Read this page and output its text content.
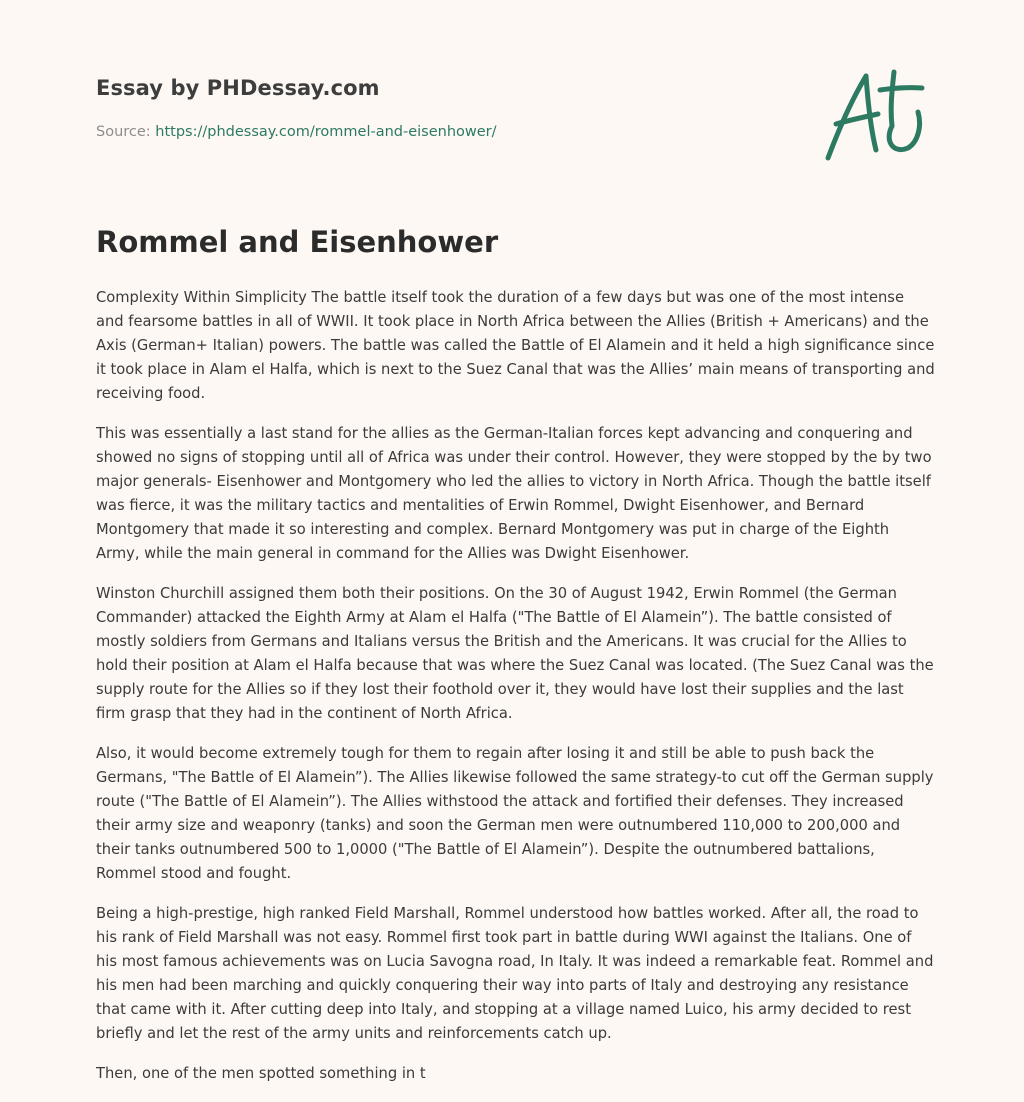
Essay by PHDessay.com
Source: https://phdessay.com/rommel-and-eisenhower/
Rommel and Eisenhower

Complexity Within Simplicity The battle itself took the duration of a few days but was one of the most intense and fearsome battles in all of WWII. It took place in North Africa between the Allies (British + Americans) and the Axis (German+ Italian) powers. The battle was called the Battle of El Alamein and it held a high significance since it took place in Alam el Halfa, which is next to the Suez Canal that was the Allies’ main means of transporting and receiving food.

This was essentially a last stand for the allies as the German-Italian forces kept advancing and conquering and showed no signs of stopping until all of Africa was under their control. However, they were stopped by the by two major generals- Eisenhower and Montgomery who led the allies to victory in North Africa. Though the battle itself was fierce, it was the military tactics and mentalities of Erwin Rommel, Dwight Eisenhower, and Bernard Montgomery that made it so interesting and complex. Bernard Montgomery was put in charge of the Eighth Army, while the main general in command for the Allies was Dwight Eisenhower.

Winston Churchill assigned them both their positions. On the 30 of August 1942, Erwin Rommel (the German Commander) attacked the Eighth Army at Alam el Halfa ("The Battle of El Alamein”). The battle consisted of mostly soldiers from Germans and Italians versus the British and the Americans. It was crucial for the Allies to hold their position at Alam el Halfa because that was where the Suez Canal was located. (The Suez Canal was the supply route for the Allies so if they lost their foothold over it, they would have lost their supplies and the last firm grasp that they had in the continent of North Africa.

Also, it would become extremely tough for them to regain after losing it and still be able to push back the Germans, "The Battle of El Alamein”). The Allies likewise followed the same strategy-to cut off the German supply route ("The Battle of El Alamein”). The Allies withstood the attack and fortified their defenses. They increased their army size and weaponry (tanks) and soon the German men were outnumbered 110,000 to 200,000 and their tanks outnumbered 500 to 1,0000 ("The Battle of El Alamein”). Despite the outnumbered battalions, Rommel stood and fought.

Being a high-prestige, high ranked Field Marshall, Rommel understood how battles worked. After all, the road to his rank of Field Marshall was not easy. Rommel first took part in battle during WWI against the Italians. One of his most famous achievements was on Lucia Savogna road, In Italy. It was indeed a remarkable feat. Rommel and his men had been marching and quickly conquering their way into parts of Italy and destroying any resistance that came with it. After cutting deep into Italy, and stopping at a village named Luico, his army decided to rest briefly and let the rest of the army units and reinforcements catch up.

Then, one of the men spotted something in t
